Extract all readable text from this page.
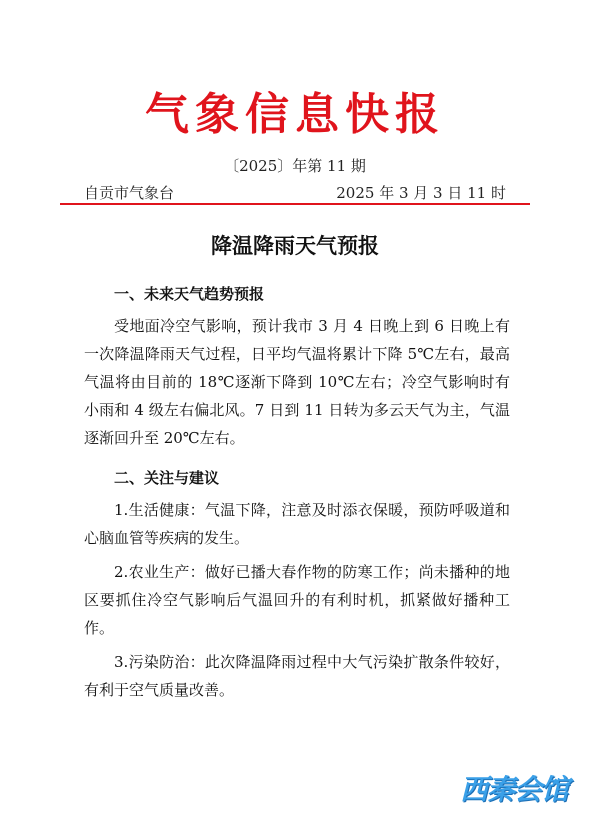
气象信息快报
〔2025〕年第 11 期
自贡市气象台	2025 年 3 月 3 日 11 时
降温降雨天气预报

一、未来天气趋势预报

受地面冷空气影响，预计我市 3 月 4 日晚上到 6 日晚上有一次降温降雨天气过程，日平均气温将累计下降 5℃左右，最高气温将由目前的 18℃逐渐下降到 10℃左右；冷空气影响时有小雨和 4 级左右偏北风。7 日到 11 日转为多云天气为主，气温逐渐回升至 20℃左右。

二、关注与建议

1.生活健康：气温下降，注意及时添衣保暖，预防呼吸道和心脑血管等疾病的发生。

2.农业生产：做好已播大春作物的防寒工作；尚未播种的地区要抓住冷空气影响后气温回升的有利时机，抓紧做好播种工作。

3.污染防治：此次降温降雨过程中大气污染扩散条件较好，有利于空气质量改善。

西秦会馆
